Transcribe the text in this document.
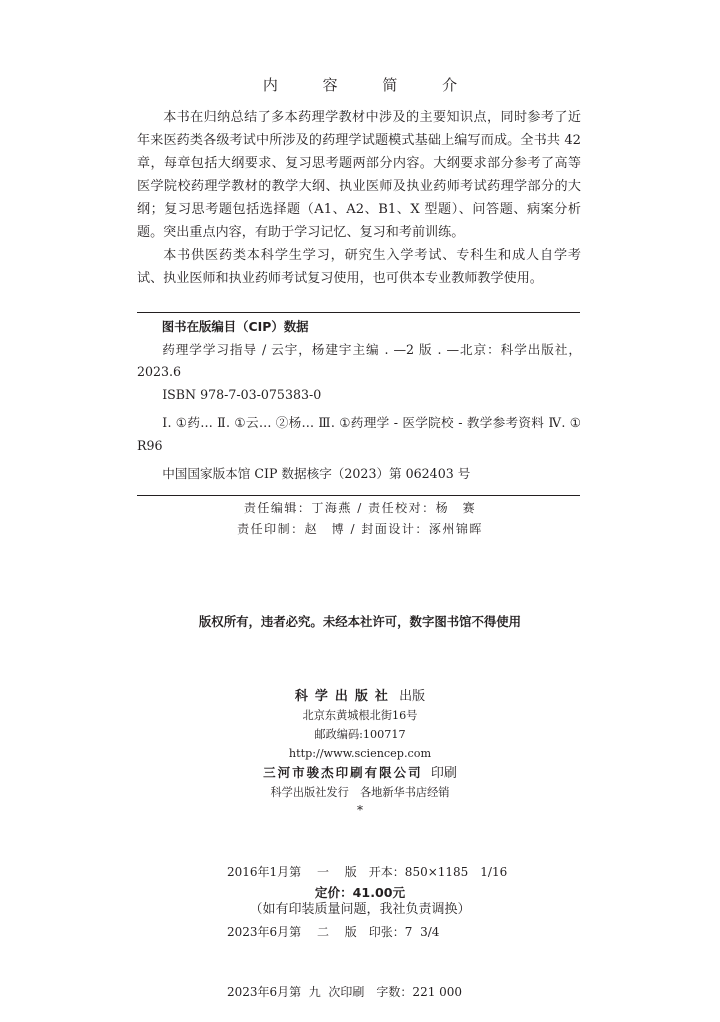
内 容 简 介

本书在归纳总结了多本药理学教材中涉及的主要知识点，同时参考了近年来医药类各级考试中所涉及的药理学试题模式基础上编写而成。全书共 42 章，每章包括大纲要求、复习思考题两部分内容。大纲要求部分参考了高等医学院校药理学教材的教学大纲、执业医师及执业药师考试药理学部分的大纲；复习思考题包括选择题（A1、A2、B1、X 型题）、问答题、病案分析题。突出重点内容，有助于学习记忆、复习和考前训练。

本书供医药类本科学生学习，研究生入学考试、专科生和成人自学考试、执业医师和执业药师考试复习使用，也可供本专业教师教学使用。

图书在版编目（CIP）数据

药理学学习指导 / 云宇，杨建宇主编 . —2 版 . —北京：科学出版社，2023.6

ISBN 978-7-03-075383-0

Ⅰ. ①药… Ⅱ. ①云… ②杨… Ⅲ. ①药理学 - 医学院校 - 教学参考资料 Ⅳ. ① R96

中国国家版本馆 CIP 数据核字（2023）第 062403 号

责任编辑：丁海燕 / 责任校对：杨　赛
责任印制：赵　博 / 封面设计：涿州锦晖
版权所有，违者必究。未经本社许可，数字图书馆不得使用
科学出版社 出版
北京东黄城根北街16号
邮政编码:100717
http://www.sciencep.com
三河市骏杰印刷有限公司 印刷
科学出版社发行　各地新华书店经销
*

2016年1月第　 一　 版　开本：850×1185　1/16

2023年6月第　 二　 版　印张：7  3/4

2023年6月第  九  次印刷　字数：221 000

定价：41.00元
（如有印装质量问题，我社负责调换）
